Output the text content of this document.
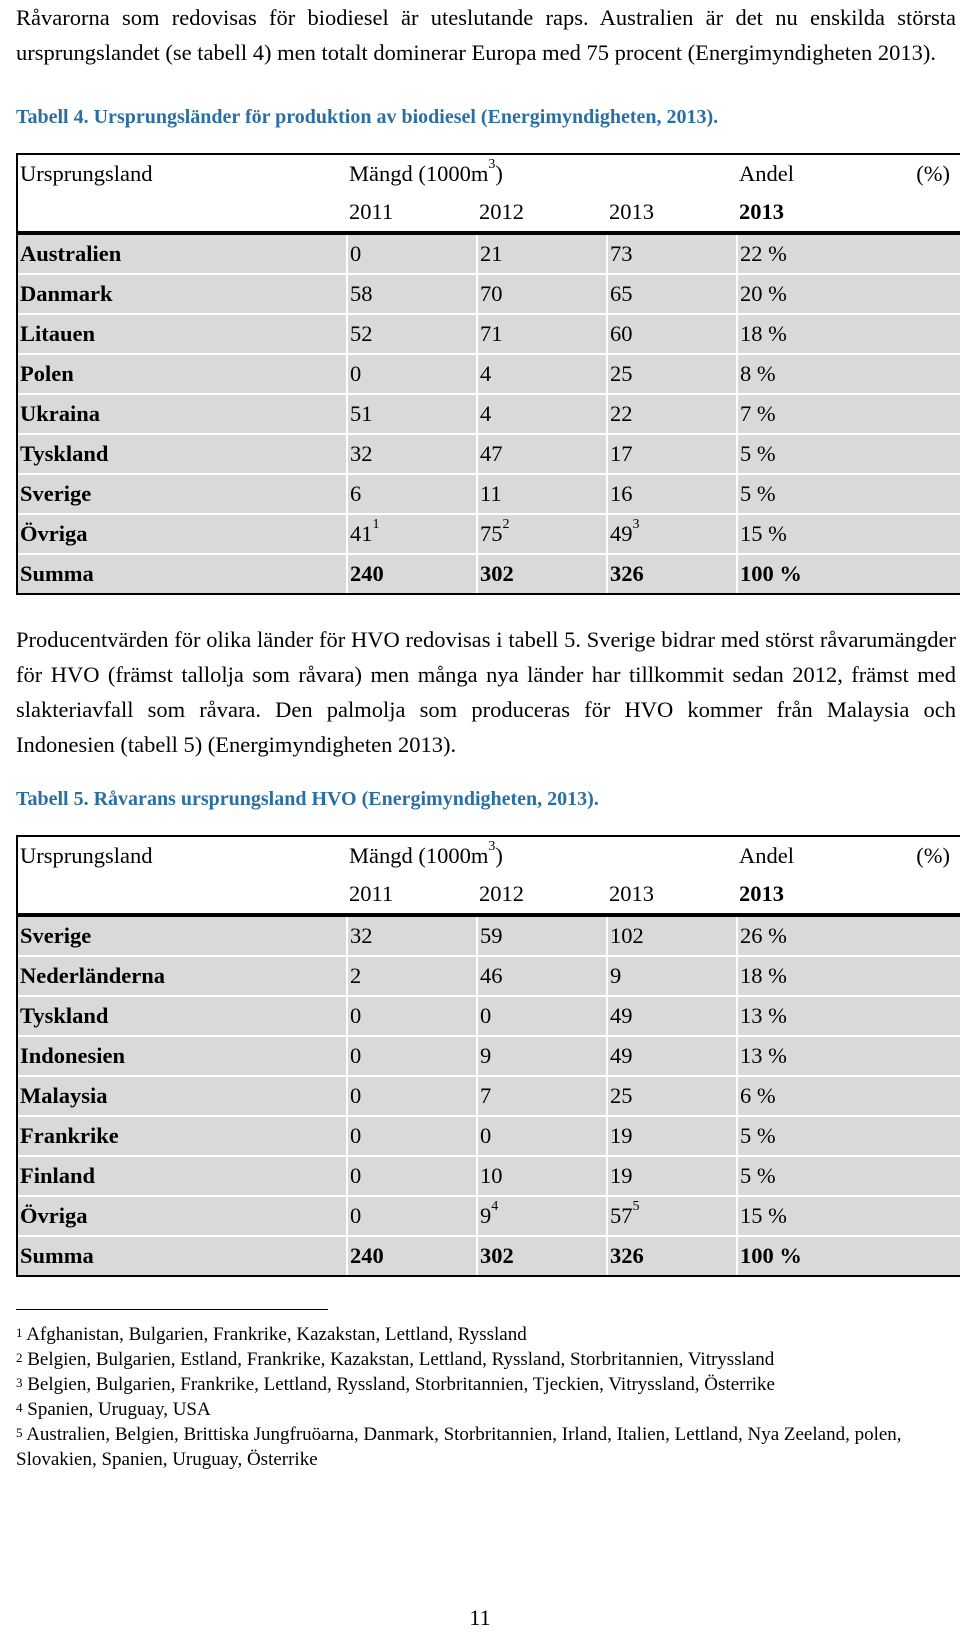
Råvarorna som redovisas för biodiesel är uteslutande raps. Australien är det nu enskilda största ursprungslandet (se tabell 4) men totalt dominerar Europa med 75 procent (Energimyndigheten 2013).

Tabell 4. Ursprungsländer för produktion av biodiesel (Energimyndigheten, 2013).

Ursprungsland	Mängd $(1000m^3)$			Andel (%)

	2011	2012	2013	2013
Australien	0	21	73	22 %
Danmark	58	70	65	20 %
Litauen	52	71	60	18 %
Polen	0	4	25	8 %
Ukraina	51	4	22	7 %
Tyskland	32	47	17	5 %
Sverige	6	11	16	5 %
Övriga	$41^1$	$75^2$	$49^3$	15 %
Summa	240	302	326	100 %

Producentvärden för olika länder för HVO redovisas i tabell 5. Sverige bidrar med störst råvarumängder för HVO (främst tallolja som råvara) men många nya länder har tillkommit sedan 2012, främst med slakteriavfall som råvara. Den palmolja som produceras för HVO kommer från Malaysia och Indonesien (tabell 5) (Energimyndigheten 2013).

Tabell 5. Råvarans ursprungsland HVO (Energimyndigheten, 2013).

Ursprungsland	Mängd $(1000m^3)$			Andel (%)

	2011	2012	2013	2013
Sverige	32	59	102	26 %
Nederländerna	2	46	9	18 %
Tyskland	0	0	49	13 %
Indonesien	0	9	49	13 %
Malaysia	0	7	25	6 %
Frankrike	0	0	19	5 %
Finland	0	10	19	5 %
Övriga	0	$9^4$	$57^5$	15 %
Summa	240	302	326	100 %

$^1$ Afghanistan, Bulgarien, Frankrike, Kazakstan, Lettland, Ryssland

$^2$ Belgien, Bulgarien, Estland, Frankrike, Kazakstan, Lettland, Ryssland, Storbritannien, Vitryssland

$^3$ Belgien, Bulgarien, Frankrike, Lettland, Ryssland, Storbritannien, Tjeckien, Vitryssland, Österrike

$^4$ Spanien, Uruguay, USA

$^5$ Australien, Belgien, Brittiska Jungfruöarna, Danmark, Storbritannien, Irland, Italien, Lettland, Nya Zeeland, polen, Slovakien, Spanien, Uruguay, Österrike

11
